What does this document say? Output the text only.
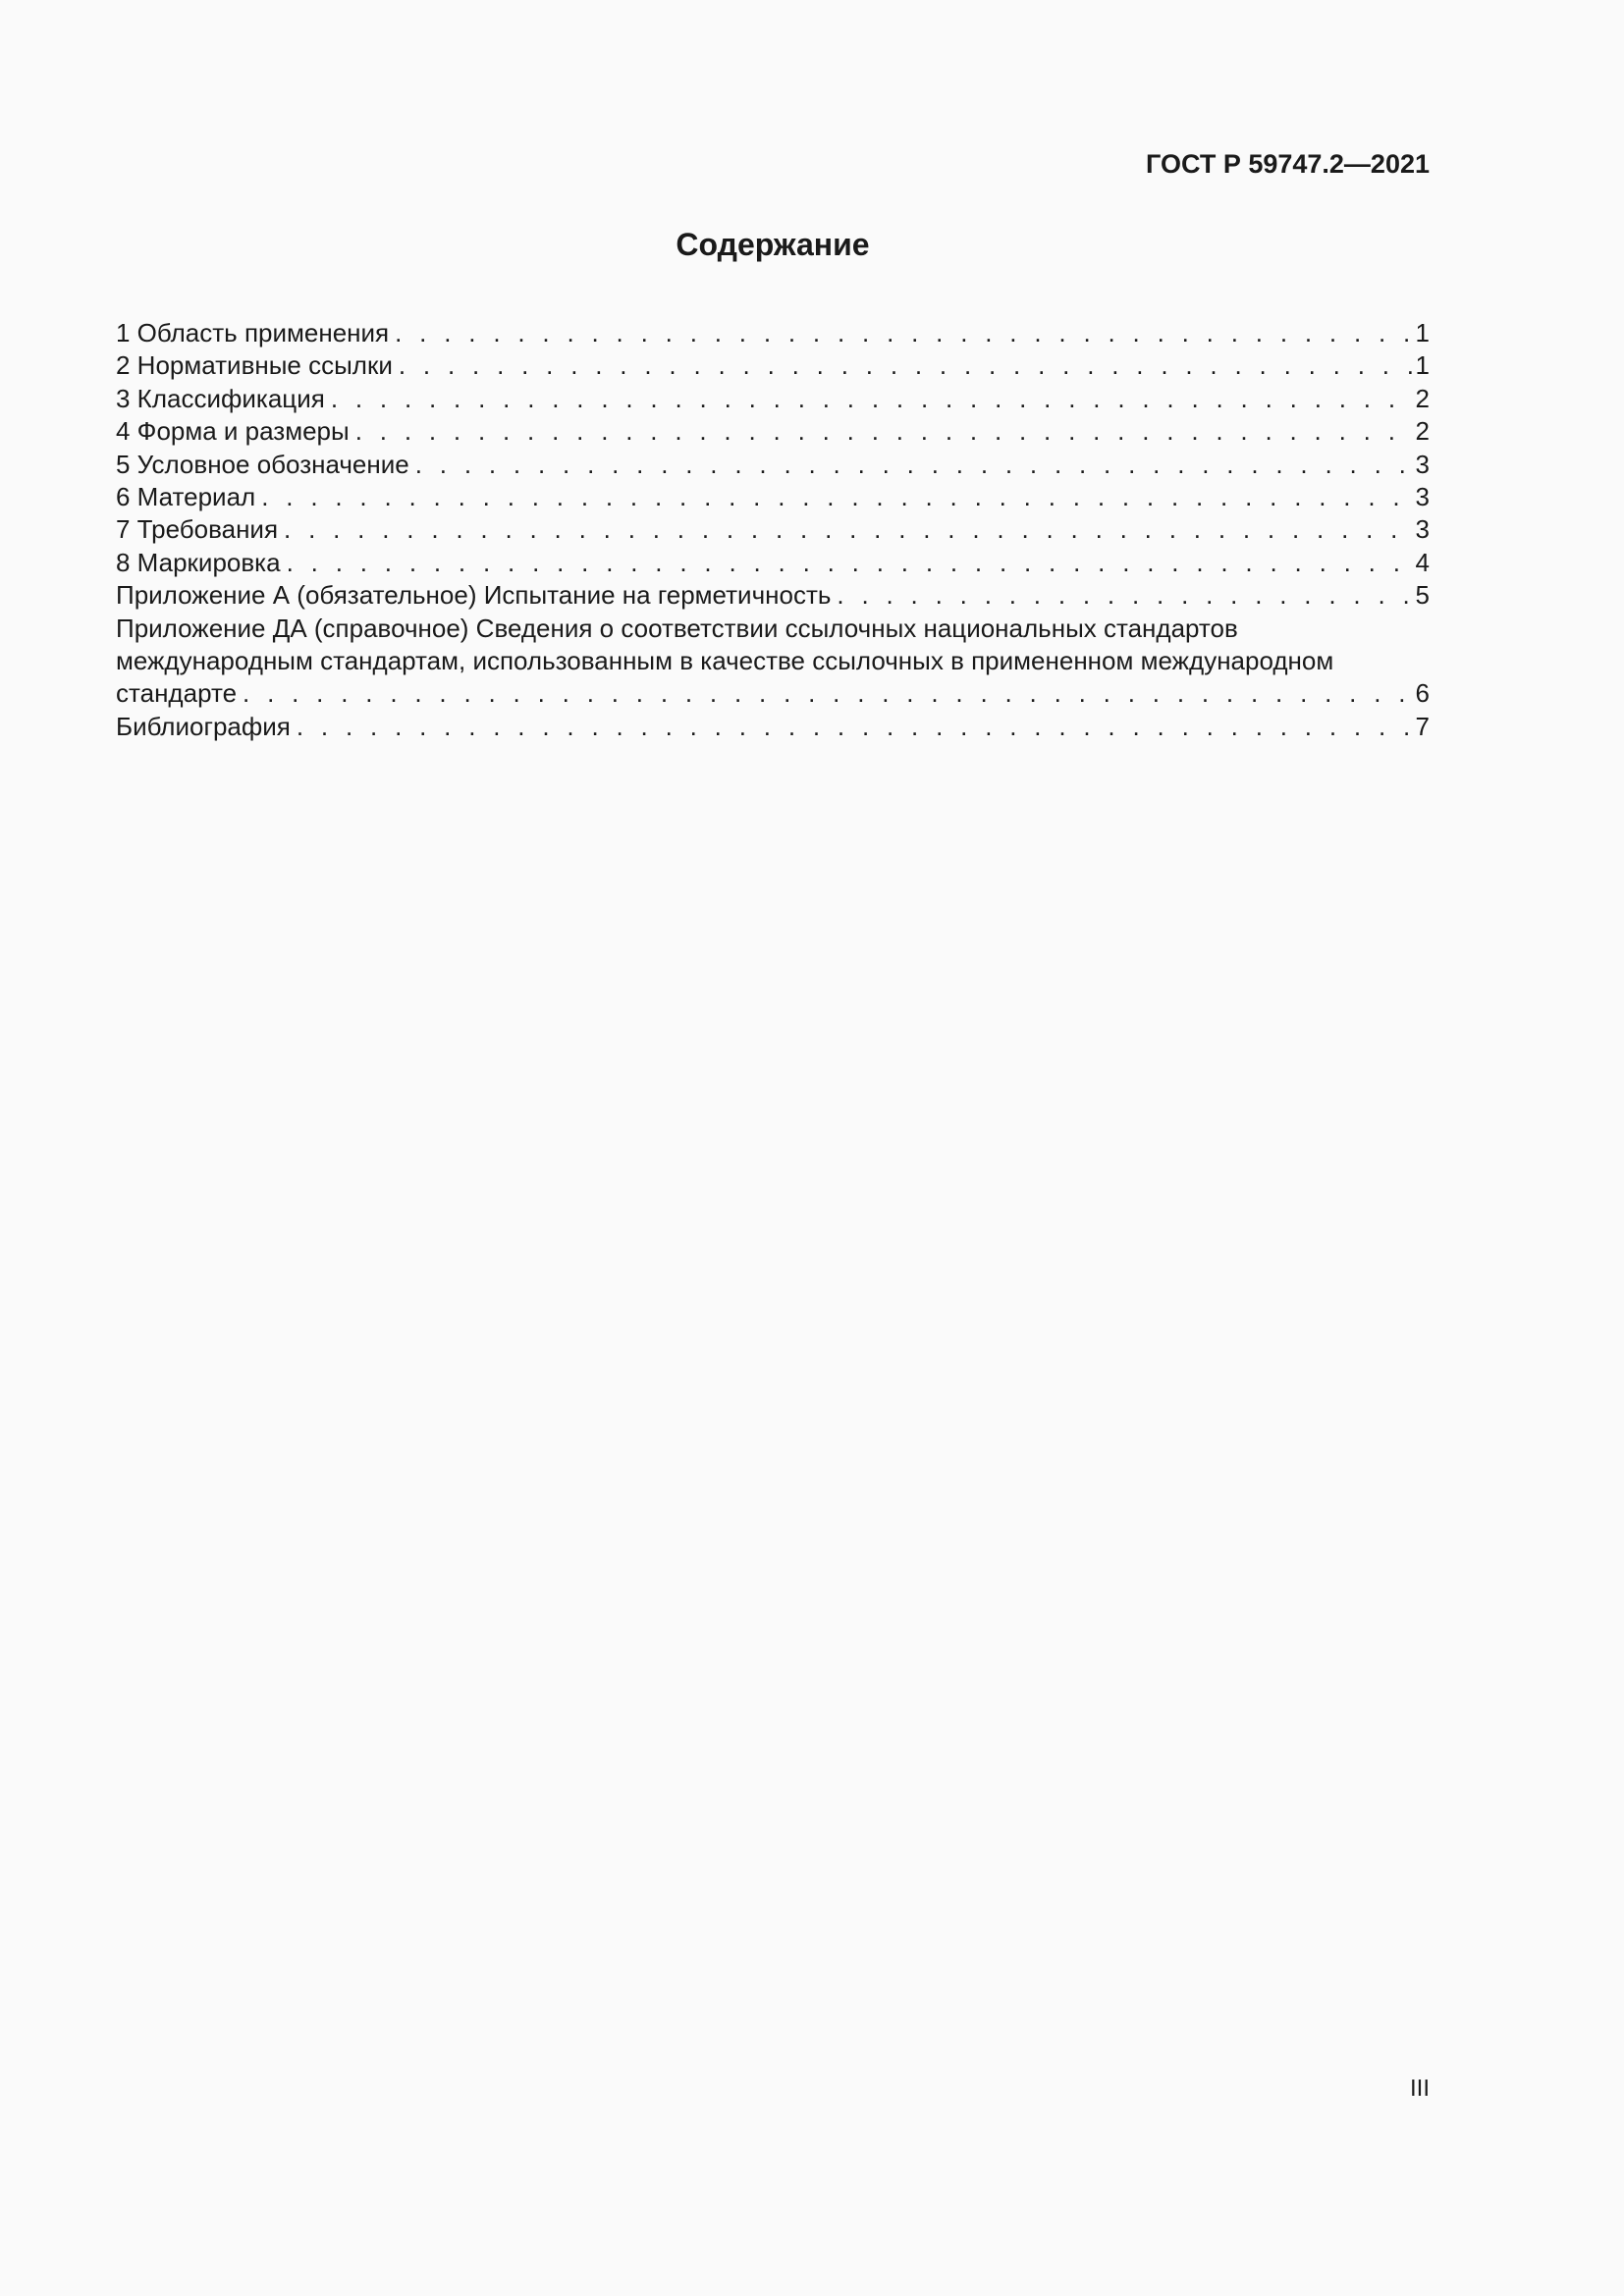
ГОСТ Р 59747.2—2021
Содержание
1 Область применения . . .	1
2 Нормативные ссылки . . .	1
3 Классификация . . .	2
4 Форма и размеры . . .	2
5 Условное обозначение . . .	3
6 Материал . . .	3
7 Требования . . .	3
8 Маркировка . . .	4
Приложение А (обязательное) Испытание на герметичность . . .	5
Приложение ДА (справочное) Сведения о соответствии ссылочных национальных стандартов
международным стандартам, использованным в качестве ссылочных в примененном международном
стандарте . . .	6
Библиография . . .	7
III
